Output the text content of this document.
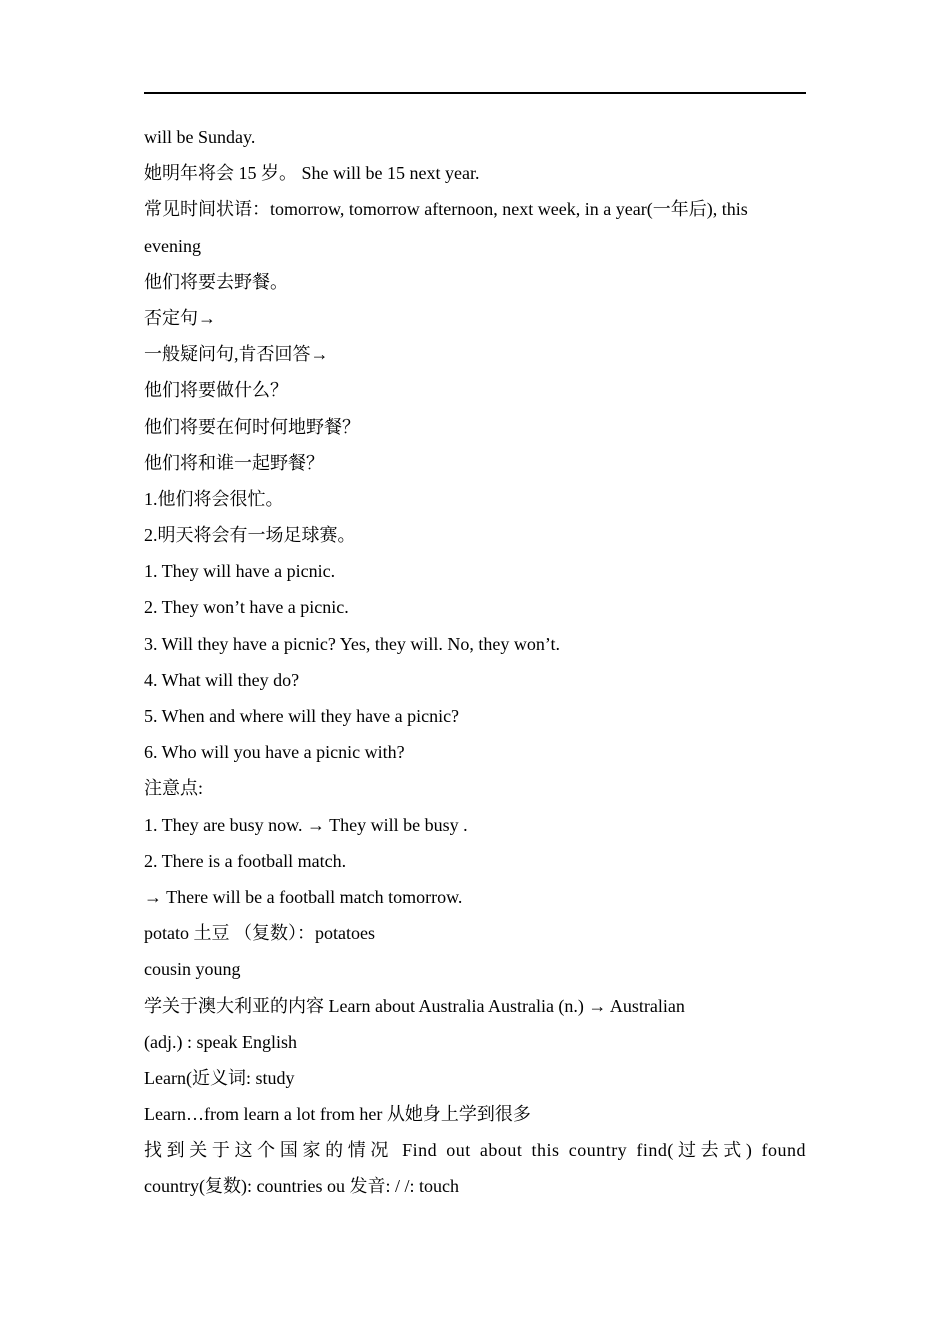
will be Sunday.
她明年将会 15 岁。 She will be 15 next year.
常见时间状语：tomorrow, tomorrow afternoon, next week, in a year(一年后), this
evening
他们将要去野餐。
否定句→
一般疑问句,肯否回答→
他们将要做什么？
他们将要在何时何地野餐？
他们将和谁一起野餐？
1.他们将会很忙。
2.明天将会有一场足球赛。
1. They will have a picnic.
2. They won’t have a picnic.
3. Will they have a picnic? Yes, they will. No, they won’t.
4. What will they do?
5. When and where will they have a picnic?
6. Who will you have a picnic with?
注意点:
1. They are busy now. → They will be busy .
2. There is a football match.
→ There will be a football match tomorrow.
potato 土豆 （复数）：potatoes
cousin young
学关于澳大利亚的内容 Learn about Australia Australia (n.) → Australian
(adj.) : speak English
Learn(近义词: study
Learn…from learn a lot from her 从她身上学到很多
找到关于这个国家的情况 Find out about this country find(过去式) found
country(复数): countries ou 发音: / /: touch
